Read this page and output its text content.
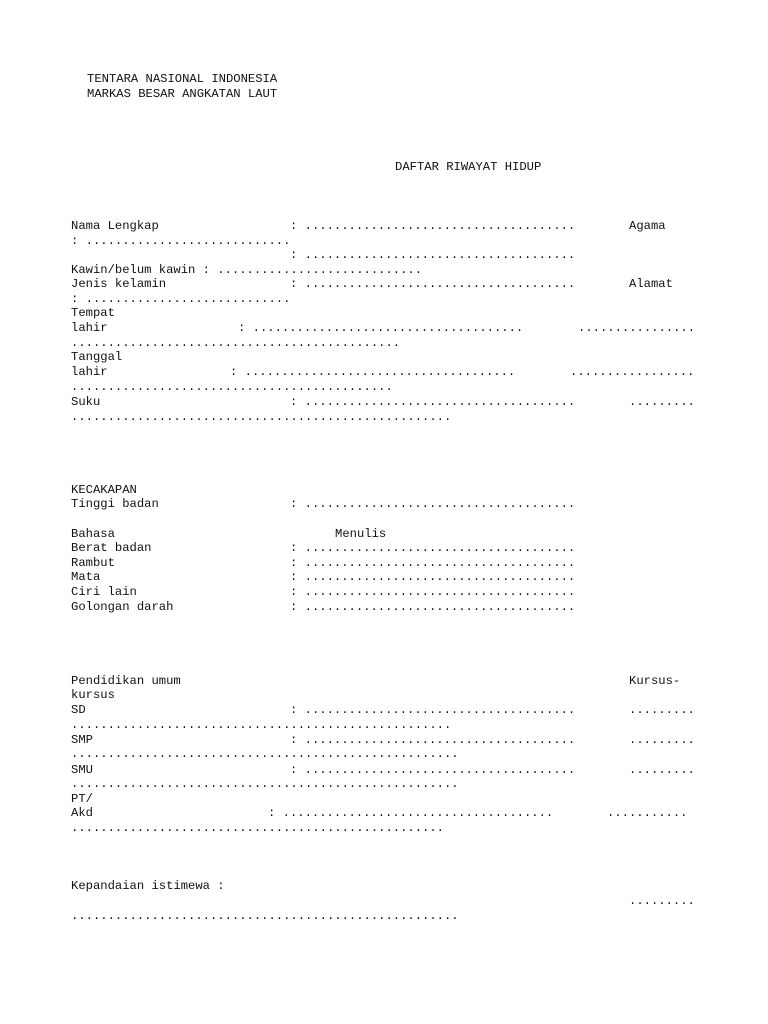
TENTARA NASIONAL INDONESIA
MARKAS BESAR ANGKATAN LAUT
DAFTAR RIWAYAT HIDUP
Nama Lengkap	: .....................................	Agama
: ............................
: .....................................
Kawin/belum kawin : ............................
Jenis kelamin	: .....................................	Alamat
: ............................
Tempat
lahir	: .....................................	................
.............................................
Tanggal
lahir	: .....................................	.................
............................................
Suku	: .....................................	.........
....................................................
KECAKAPAN
Tinggi badan	: .....................................
Bahasa	Menulis
Berat badan	: .....................................
Rambut	: .....................................
Mata	: .....................................
Ciri lain	: .....................................
Golongan darah	: .....................................
Pendidikan umum	Kursus-
kursus
SD	: .....................................	.........
....................................................
SMP	: .....................................	.........
.....................................................
SMU	: .....................................	.........
.....................................................
PT/
Akd	: .....................................	...........
...................................................
Kepandaian istimewa :
.........
.....................................................
